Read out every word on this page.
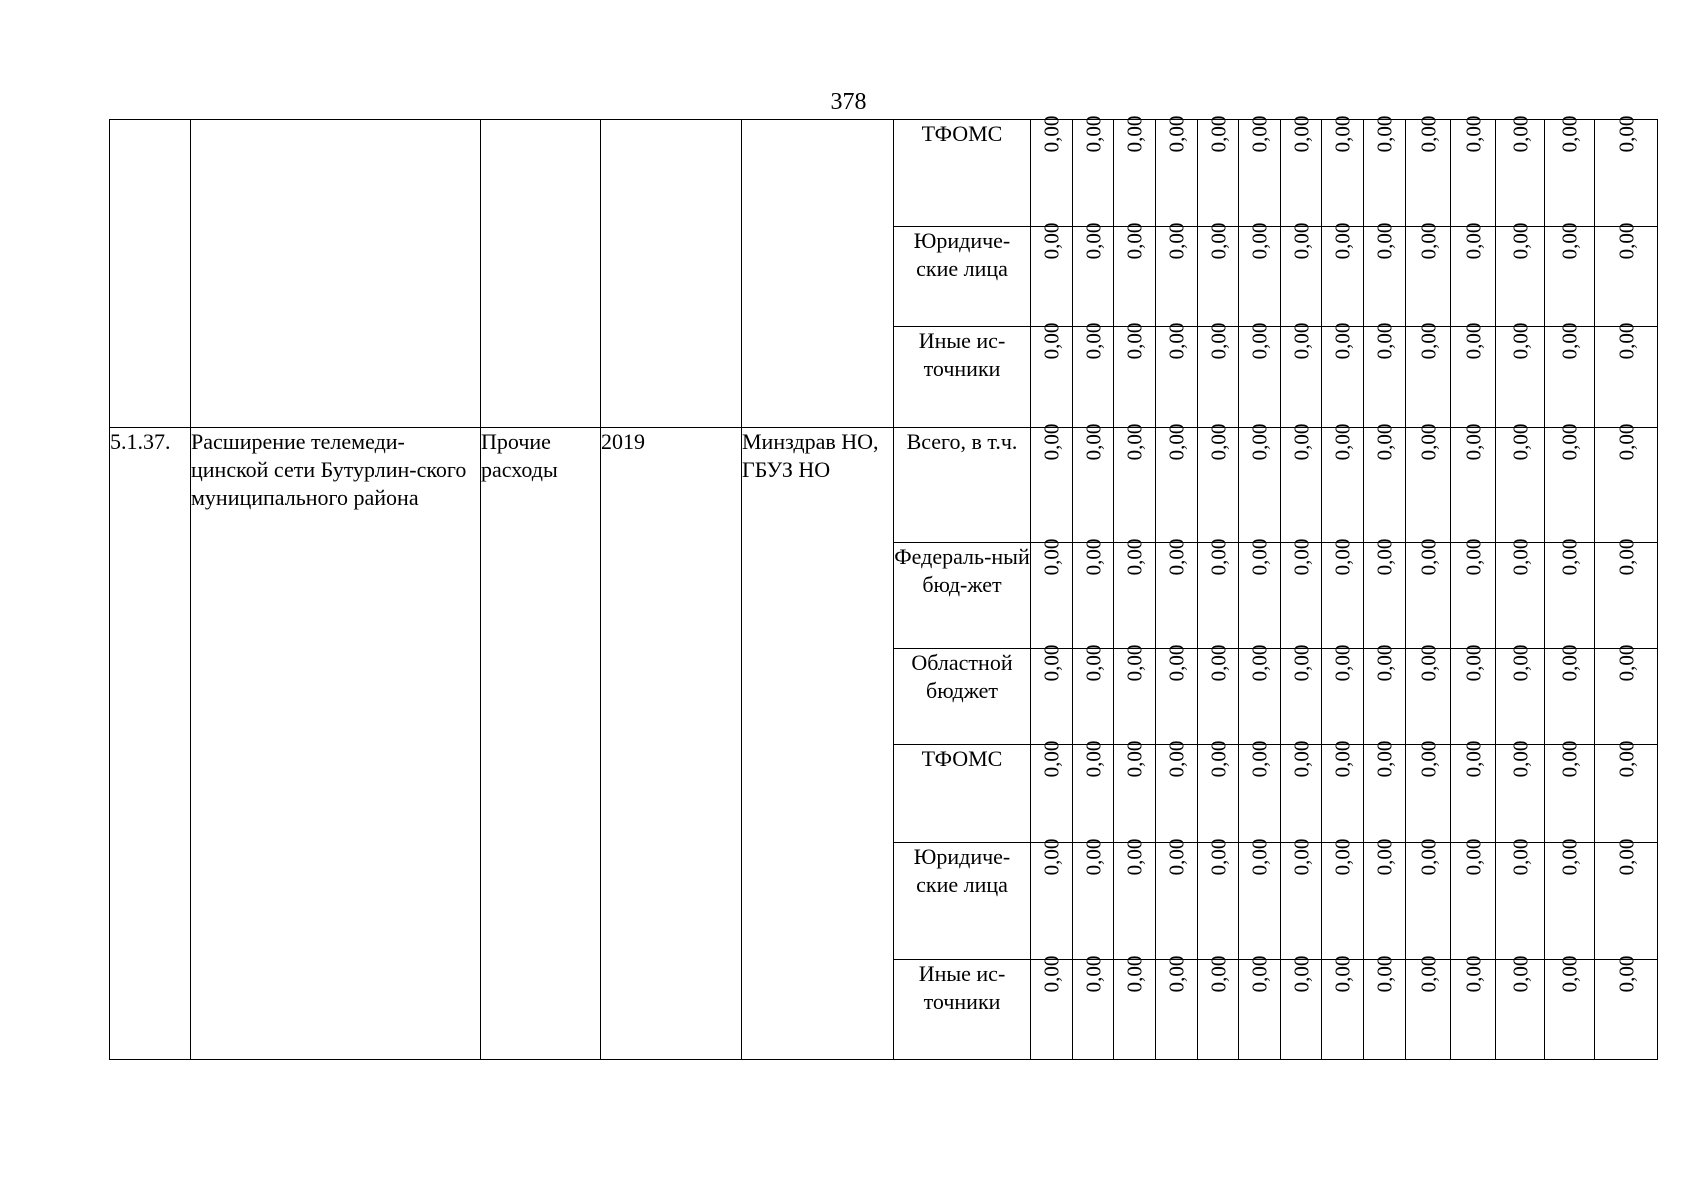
378
					ТФОМС	0,00	0,00	0,00	0,00	0,00	0,00	0,00	0,00	0,00	0,00	0,00	0,00	0,00	0,00
					Юридиче-ские лица	0,00	0,00	0,00	0,00	0,00	0,00	0,00	0,00	0,00	0,00	0,00	0,00	0,00	0,00
					Иные ис-точники	0,00	0,00	0,00	0,00	0,00	0,00	0,00	0,00	0,00	0,00	0,00	0,00	0,00	0,00
5.1.37.	Расширение телемеди-цинской сети Бутурлин-ского муниципального района	Прочие расходы	2019	Минздрав НО, ГБУЗ НО	Всего, в т.ч.	0,00	0,00	0,00	0,00	0,00	0,00	0,00	0,00	0,00	0,00	0,00	0,00	0,00	0,00
					Федераль-ный бюд-жет	0,00	0,00	0,00	0,00	0,00	0,00	0,00	0,00	0,00	0,00	0,00	0,00	0,00	0,00
					Областной бюджет	0,00	0,00	0,00	0,00	0,00	0,00	0,00	0,00	0,00	0,00	0,00	0,00	0,00	0,00
					ТФОМС	0,00	0,00	0,00	0,00	0,00	0,00	0,00	0,00	0,00	0,00	0,00	0,00	0,00	0,00
					Юридиче-ские лица	0,00	0,00	0,00	0,00	0,00	0,00	0,00	0,00	0,00	0,00	0,00	0,00	0,00	0,00
					Иные ис-точники	0,00	0,00	0,00	0,00	0,00	0,00	0,00	0,00	0,00	0,00	0,00	0,00	0,00	0,00
